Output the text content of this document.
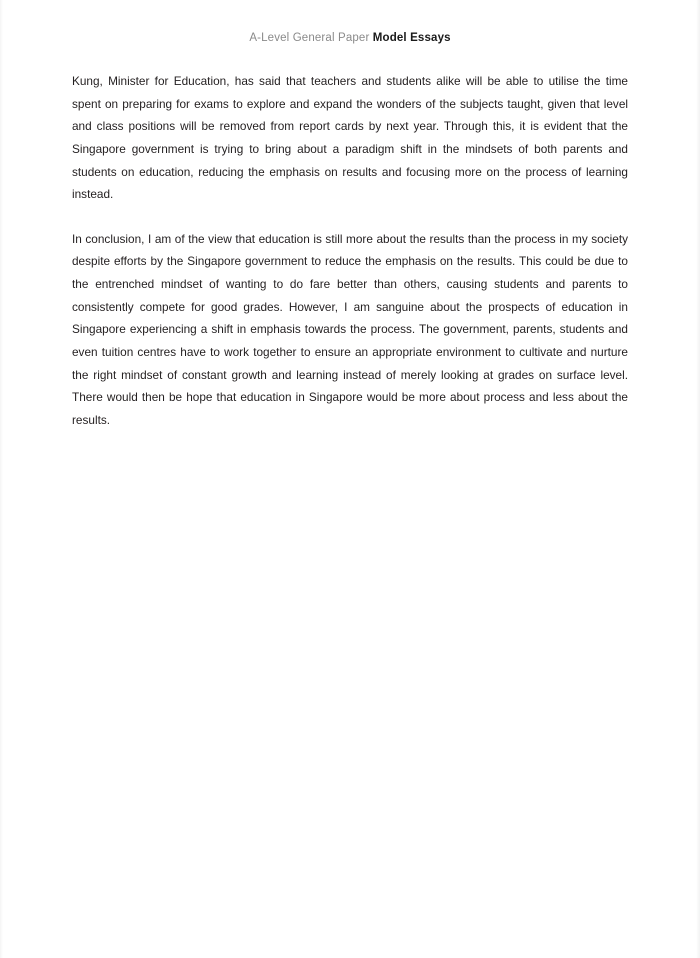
A-Level General Paper Model Essays

Kung, Minister for Education, has said that teachers and students alike will be able to utilise the time spent on preparing for exams to explore and expand the wonders of the subjects taught, given that level and class positions will be removed from report cards by next year. Through this, it is evident that the Singapore government is trying to bring about a paradigm shift in the mindsets of both parents and students on education, reducing the emphasis on results and focusing more on the process of learning instead.

In conclusion, I am of the view that education is still more about the results than the process in my society despite efforts by the Singapore government to reduce the emphasis on the results. This could be due to the entrenched mindset of wanting to do fare better than others, causing students and parents to consistently compete for good grades. However, I am sanguine about the prospects of education in Singapore experiencing a shift in emphasis towards the process. The government, parents, students and even tuition centres have to work together to ensure an appropriate environment to cultivate and nurture the right mindset of constant growth and learning instead of merely looking at grades on surface level. There would then be hope that education in Singapore would be more about process and less about the results.
